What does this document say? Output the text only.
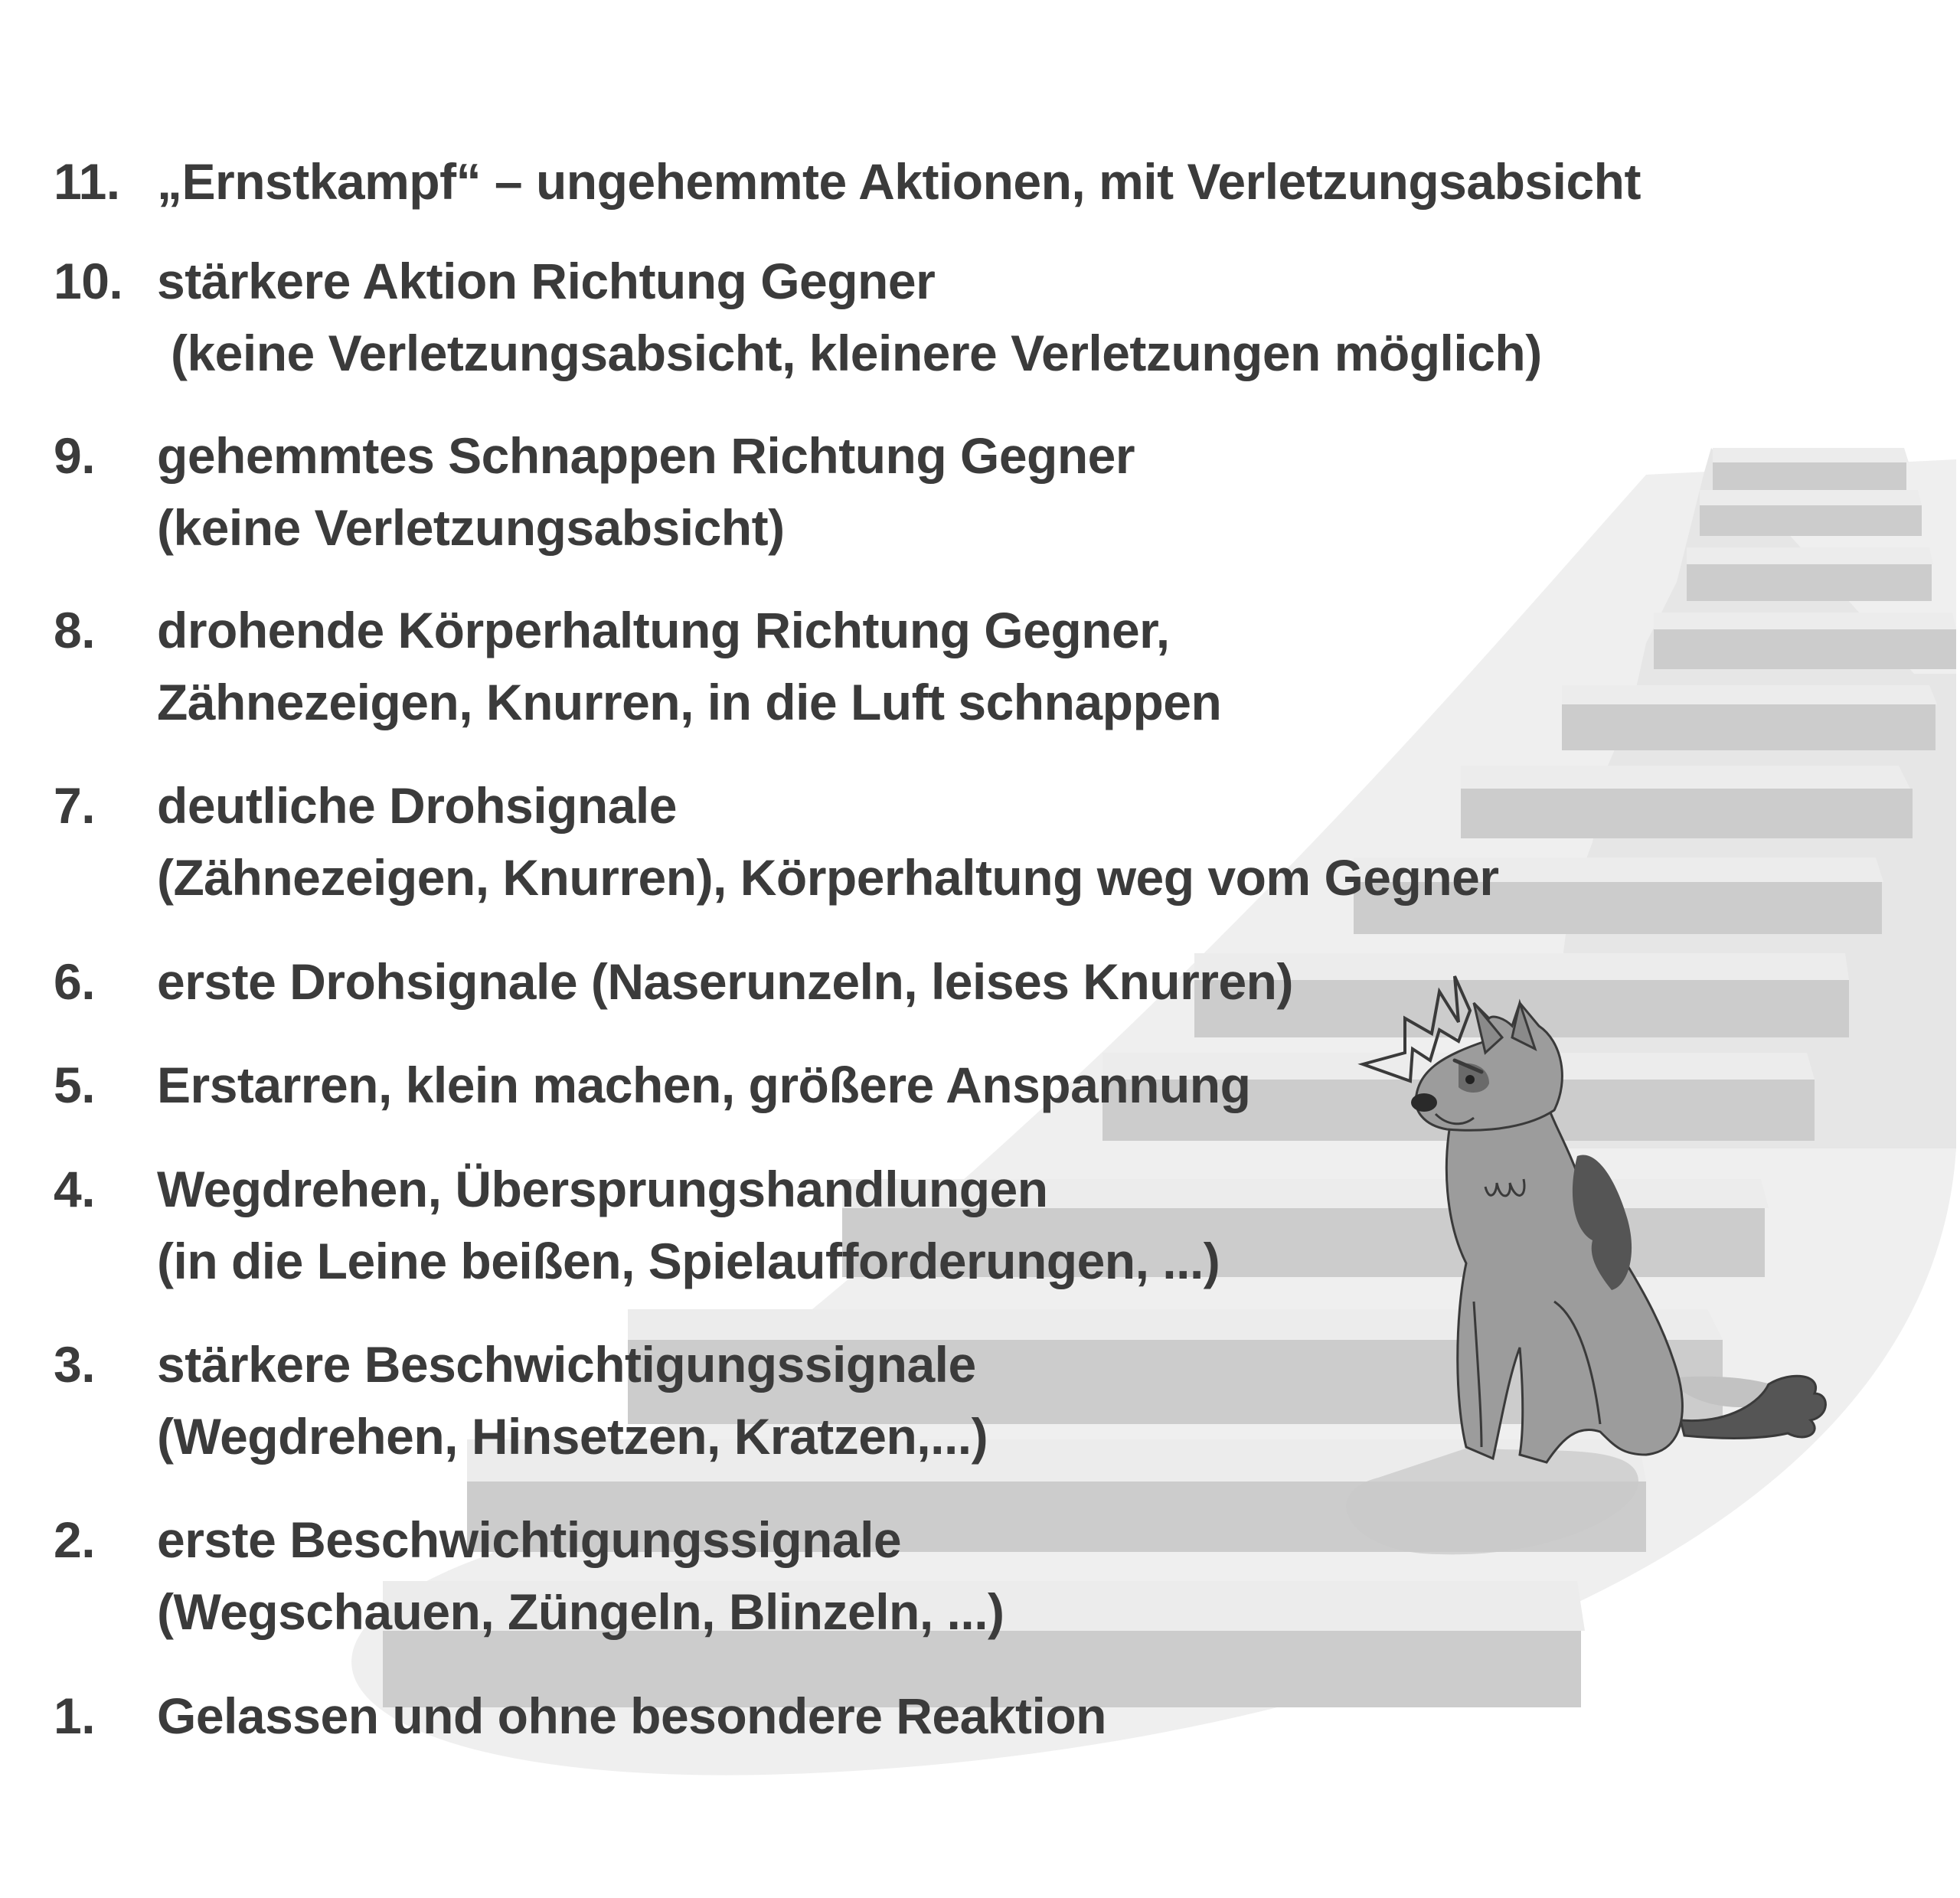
11. „Ernstkampf“ – ungehemmte Aktionen, mit Verletzungsabsicht
10. stärkere Aktion Richtung Gegner
(keine Verletzungsabsicht, kleinere Verletzungen möglich)
9. gehemmtes Schnappen Richtung Gegner
(keine Verletzungsabsicht)
8. drohende Körperhaltung Richtung Gegner,
Zähnezeigen, Knurren, in die Luft schnappen
7. deutliche Drohsignale
(Zähnezeigen, Knurren), Körperhaltung weg vom Gegner
6. erste Drohsignale (Naserunzeln, leises Knurren)
5. Erstarren, klein machen, größere Anspannung
4. Wegdrehen, Übersprungshandlungen
(in die Leine beißen, Spielaufforderungen, ...)
3. stärkere Beschwichtigungssignale
(Wegdrehen, Hinsetzen, Kratzen,...)
2. erste Beschwichtigungssignale
(Wegschauen, Züngeln, Blinzeln, ...)
1. Gelassen und ohne besondere Reaktion
